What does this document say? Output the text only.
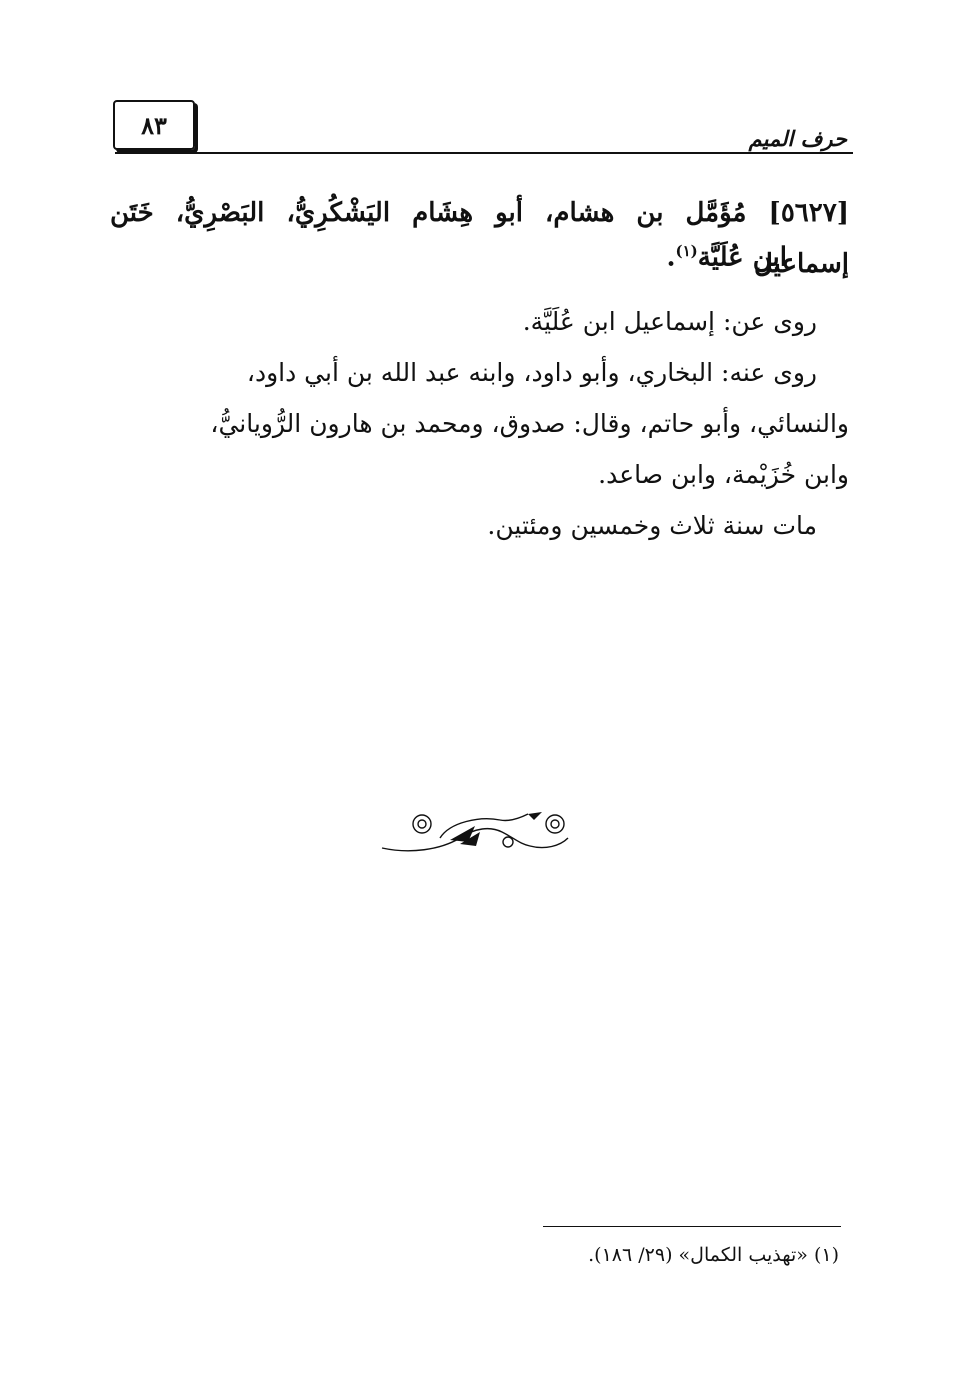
٨٣	حرف الميم
[٥٦٢٧] مُؤَمَّل بن هشام، أبو هِشَام اليَشْكُرِيُّ، البَصْرِيُّ، خَتَن إسماعيل
ابن عُلَيَّة$^{(١)}$.
روى عن: إسماعيل ابن عُلَيَّة.
روى عنه: البخاري، وأبو داود، وابنه عبد الله بن أبي داود،
والنسائي، وأبو حاتم، وقال: صدوق، ومحمد بن هارون الرُّويانيُّ،
وابن خُزَيْمة، وابن صاعد.
مات سنة ثلاث وخمسين ومئتين.
(١) «تهذيب الكمال» (٢٩/ ١٨٦).
